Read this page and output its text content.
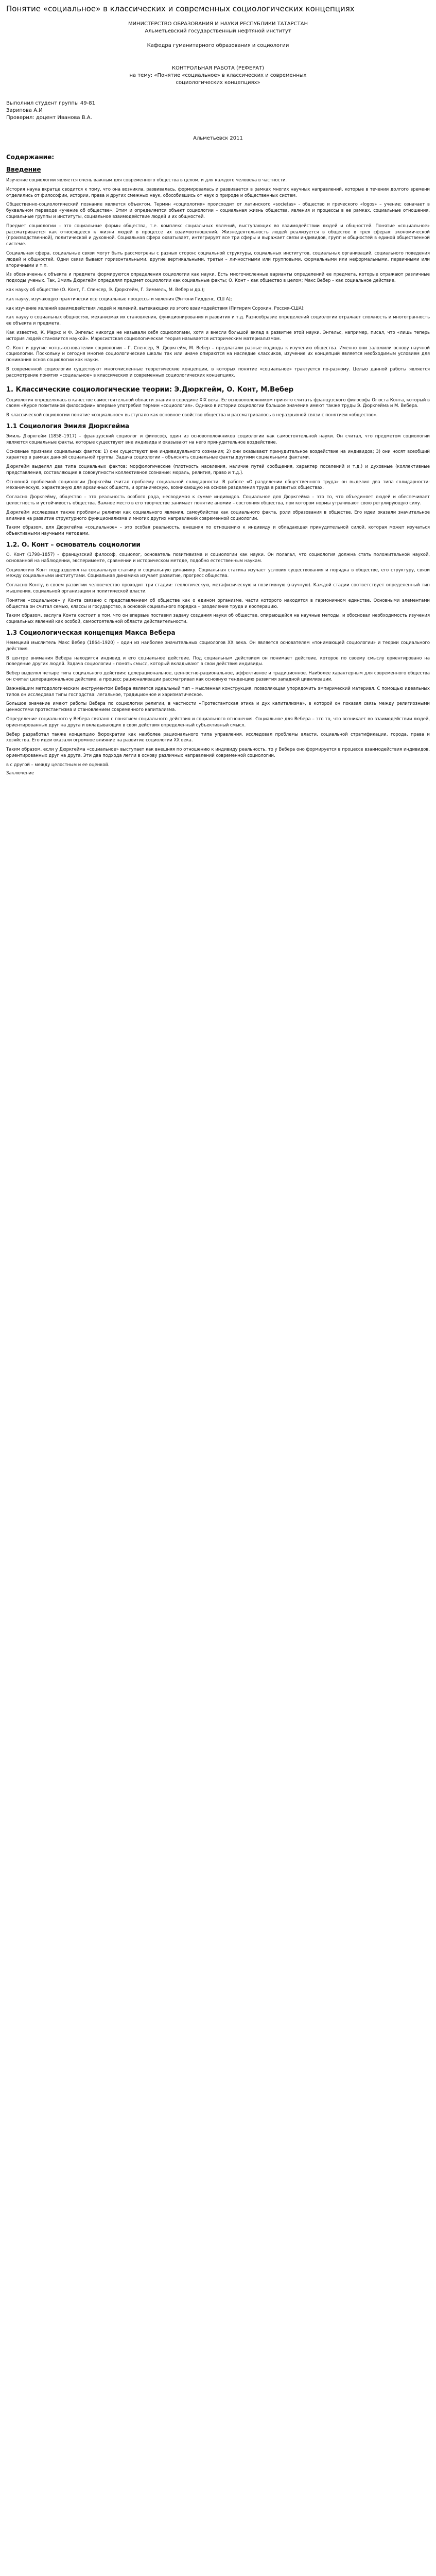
Понятие «социальное» в классических и современных социологических концепциях

МИНИСТЕРСТВО ОБРАЗОВАНИЯ И НАУКИ РЕСПУБЛИКИ ТАТАРСТАН

Альметьевский государственный нефтяной институт

Кафедра гуманитарного образования и социологии

КОНТРОЛЬНАЯ РАБОТА (РЕФЕРАТ)

на тему: «Понятие «социальное» в классических и современных

социологических концепциях»

Выполнил студент группы 49-81

Зарипова А.И

Проверил: доцент Иванова В.А.

Альметьевск 2011

Содержание:
Введение

Изучение социологии является очень важным для современного общества в целом, и для каждого человека в частности.

История наука вкратце сводится к тому, что она возникла, развивалась, формировалась и развивается в рамках многих научных направлений, которые в течении долгого времени отделились от философии, истории, права и других смежных наук, обособившись от наук о природе и общественных систем.

Общественно-социологический познание является объектом. Термин «социология» происходит от латинского «societas» - общество и греческого «logos» – учение; означает в буквальном переводе «учение об обществе». Этим и определяется объект социологии – социальная жизнь общества, явления и процессы в ее рамках, социальные отношения, социальные группы и институты, социальное взаимодействие людей и их общностей.

Предмет социологии – это социальные формы общества, т.е. комплекс социальных явлений, выступающих во взаимодействии людей и общностей. Понятие «социальное» рассматривается как относящееся к жизни людей в процессе их взаимоотношений. Жизнедеятельность людей реализуется в обществе в трех сферах: экономической (производственной), политической и духовной. Социальная сфера охватывает, интегрирует все три сферы и выражает связи индивидов, групп и общностей в единой общественной системе.

Социальная сфера, социальные связи могут быть рассмотрены с разных сторон: социальной структуры, социальных институтов, социальных организаций, социального поведения людей и общностей. Одни связи бывают горизонтальными, другие вертикальными, третьи – личностными или групповыми, формальными или неформальными, первичными или вторичными и т.п.

Из обозначенных объекта и предмета формируются определения социологии как науки. Есть многочисленные варианты определений ее предмета, которые отражают различные подходы ученых. Так, Эмиль Дюркгейм определял предмет социологии как социальные факты; О. Конт – как общество в целом; Макс Вебер – как социальное действие.

как науку об обществе (О. Конт, Г. Спенсер, Э. Дюркгейм, Г. Зиммель, М. Вебер и др.);

как науку, изучающую практически все социальные процессы и явления (Энтони Гидденс, СШ А);

как изучение явлений взаимодействия людей и явлений, вытекающих из этого взаимодействия (Питирим Сорокин, Россия-США);

как науку о социальных общностях, механизмах их становления, функционирования и развития и т.д. Разнообразие определений социологии отражает сложность и многогранность ее объекта и предмета.

Как известно, К. Маркс и Ф. Энгельс никогда не называли себя социологами, хотя и внесли большой вклад в развитие этой науки. Энгельс, например, писал, что «лишь теперь история людей становится наукой». Марксистская социологическая теория называется историческим материализмом.

О. Конт и другие «отцы-основатели» социологии – Г. Спенсер, Э. Дюркгейм, М. Вебер – предлагали разные подходы к изучению общества. Именно они заложили основу научной социологии. Поскольку и сегодня многие социологические школы так или иначе опираются на наследие классиков, изучение их концепций является необходимым условием для понимания основ социологии как науки.

В современной социологии существуют многочисленные теоретические концепции, в которых понятие «социальное» трактуется по-разному. Целью данной работы является рассмотрение понятия «социальное» в классических и современных социологических концепциях.

1. Классические социологические теории: Э.Дюркгейм, О. Конт, М.Вебер

Социология определялась в качестве самостоятельной области знания в середине XIX века. Ее основоположником принято считать французского философа Огюста Конта, который в своем «Курсе позитивной философии» впервые употребил термин «социология». Однако в истории социологии большое значение имеют также труды Э. Дюркгейма и М. Вебера.

В классической социологии понятие «социальное» выступало как основное свойство общества и рассматривалось в неразрывной связи с понятием «общество».

1.1 Социология Эмиля Дюркгейма

Эмиль Дюркгейм (1858–1917) – французский социолог и философ, один из основоположников социологии как самостоятельной науки. Он считал, что предметом социологии являются социальные факты, которые существуют вне индивида и оказывают на него принудительное воздействие.

Основные признаки социальных фактов: 1) они существуют вне индивидуального сознания; 2) они оказывают принудительное воздействие на индивидов; 3) они носят всеобщий характер в рамках данной социальной группы. Задача социологии – объяснять социальные факты другими социальными фактами.

Дюркгейм выделял два типа социальных фактов: морфологические (плотность населения, наличие путей сообщения, характер поселений и т.д.) и духовные (коллективные представления, составляющие в совокупности коллективное сознание: мораль, религия, право и т.д.).

Основной проблемой социологии Дюркгейм считал проблему социальной солидарности. В работе «О разделении общественного труда» он выделил два типа солидарности: механическую, характерную для архаичных обществ, и органическую, возникающую на основе разделения труда в развитых обществах.

Согласно Дюркгейму, общество – это реальность особого рода, несводимая к сумме индивидов. Социальное для Дюркгейма – это то, что объединяет людей и обеспечивает целостность и устойчивость общества. Важное место в его творчестве занимает понятие аномии – состояния общества, при котором нормы утрачивают свою регулирующую силу.

Дюркгейм исследовал также проблемы религии как социального явления, самоубийства как социального факта, роли образования в обществе. Его идеи оказали значительное влияние на развитие структурного функционализма и многих других направлений современной социологии.

Таким образом, для Дюркгейма «социальное» – это особая реальность, внешняя по отношению к индивиду и обладающая принудительной силой, которая может изучаться объективными научными методами.

1.2. О. Конт – основатель социологии

О. Конт (1798–1857) – французский философ, социолог, основатель позитивизма и социологии как науки. Он полагал, что социология должна стать положительной наукой, основанной на наблюдении, эксперименте, сравнении и историческом методе, подобно естественным наукам.

Социологию Конт подразделял на социальную статику и социальную динамику. Социальная статика изучает условия существования и порядка в обществе, его структуру, связи между социальными институтами. Социальная динамика изучает развитие, прогресс общества.

Согласно Конту, в своем развитии человечество проходит три стадии: теологическую, метафизическую и позитивную (научную). Каждой стадии соответствует определенный тип мышления, социальной организации и политической власти.

Понятие «социальное» у Конта связано с представлением об обществе как о едином организме, части которого находятся в гармоничном единстве. Основными элементами общества он считал семью, классы и государство, а основой социального порядка – разделение труда и кооперацию.

Таким образом, заслуга Конта состоит в том, что он впервые поставил задачу создания науки об обществе, опирающейся на научные методы, и обосновал необходимость изучения социальных явлений как особой, самостоятельной области действительности.

1.3 Социологическая концепция Макса Вебера

Немецкий мыслитель Макс Вебер (1864–1920) – один из наиболее значительных социологов XX века. Он является основателем «понимающей социологии» и теории социального действия.

В центре внимания Вебера находится индивид и его социальное действие. Под социальным действием он понимает действие, которое по своему смыслу ориентировано на поведение других людей. Задача социологии – понять смысл, который вкладывают в свои действия индивиды.

Вебер выделял четыре типа социального действия: целерациональное, ценностно-рациональное, аффективное и традиционное. Наиболее характерным для современного общества он считал целерациональное действие, а процесс рационализации рассматривал как основную тенденцию развития западной цивилизации.

Важнейшим методологическим инструментом Вебера является идеальный тип – мысленная конструкция, позволяющая упорядочить эмпирический материал. С помощью идеальных типов он исследовал типы господства: легальное, традиционное и харизматическое.

Большое значение имеют работы Вебера по социологии религии, в частности «Протестантская этика и дух капитализма», в которой он показал связь между религиозными ценностями протестантизма и становлением современного капитализма.

Определение социального у Вебера связано с понятием социального действия и социального отношения. Социальное для Вебера – это то, что возникает во взаимодействии людей, ориентированных друг на друга и вкладывающих в свои действия определенный субъективный смысл.

Вебер разработал также концепцию бюрократии как наиболее рационального типа управления, исследовал проблемы власти, социальной стратификации, города, права и хозяйства. Его идеи оказали огромное влияние на развитие социологии XX века.

Таким образом, если у Дюркгейма «социальное» выступает как внешняя по отношению к индивиду реальность, то у Вебера оно формируется в процессе взаимодействия индивидов, ориентированных друг на друга. Эти два подхода легли в основу различных направлений современной социологии.

в с другой – между целостным и ее оценкой.

Заключение
